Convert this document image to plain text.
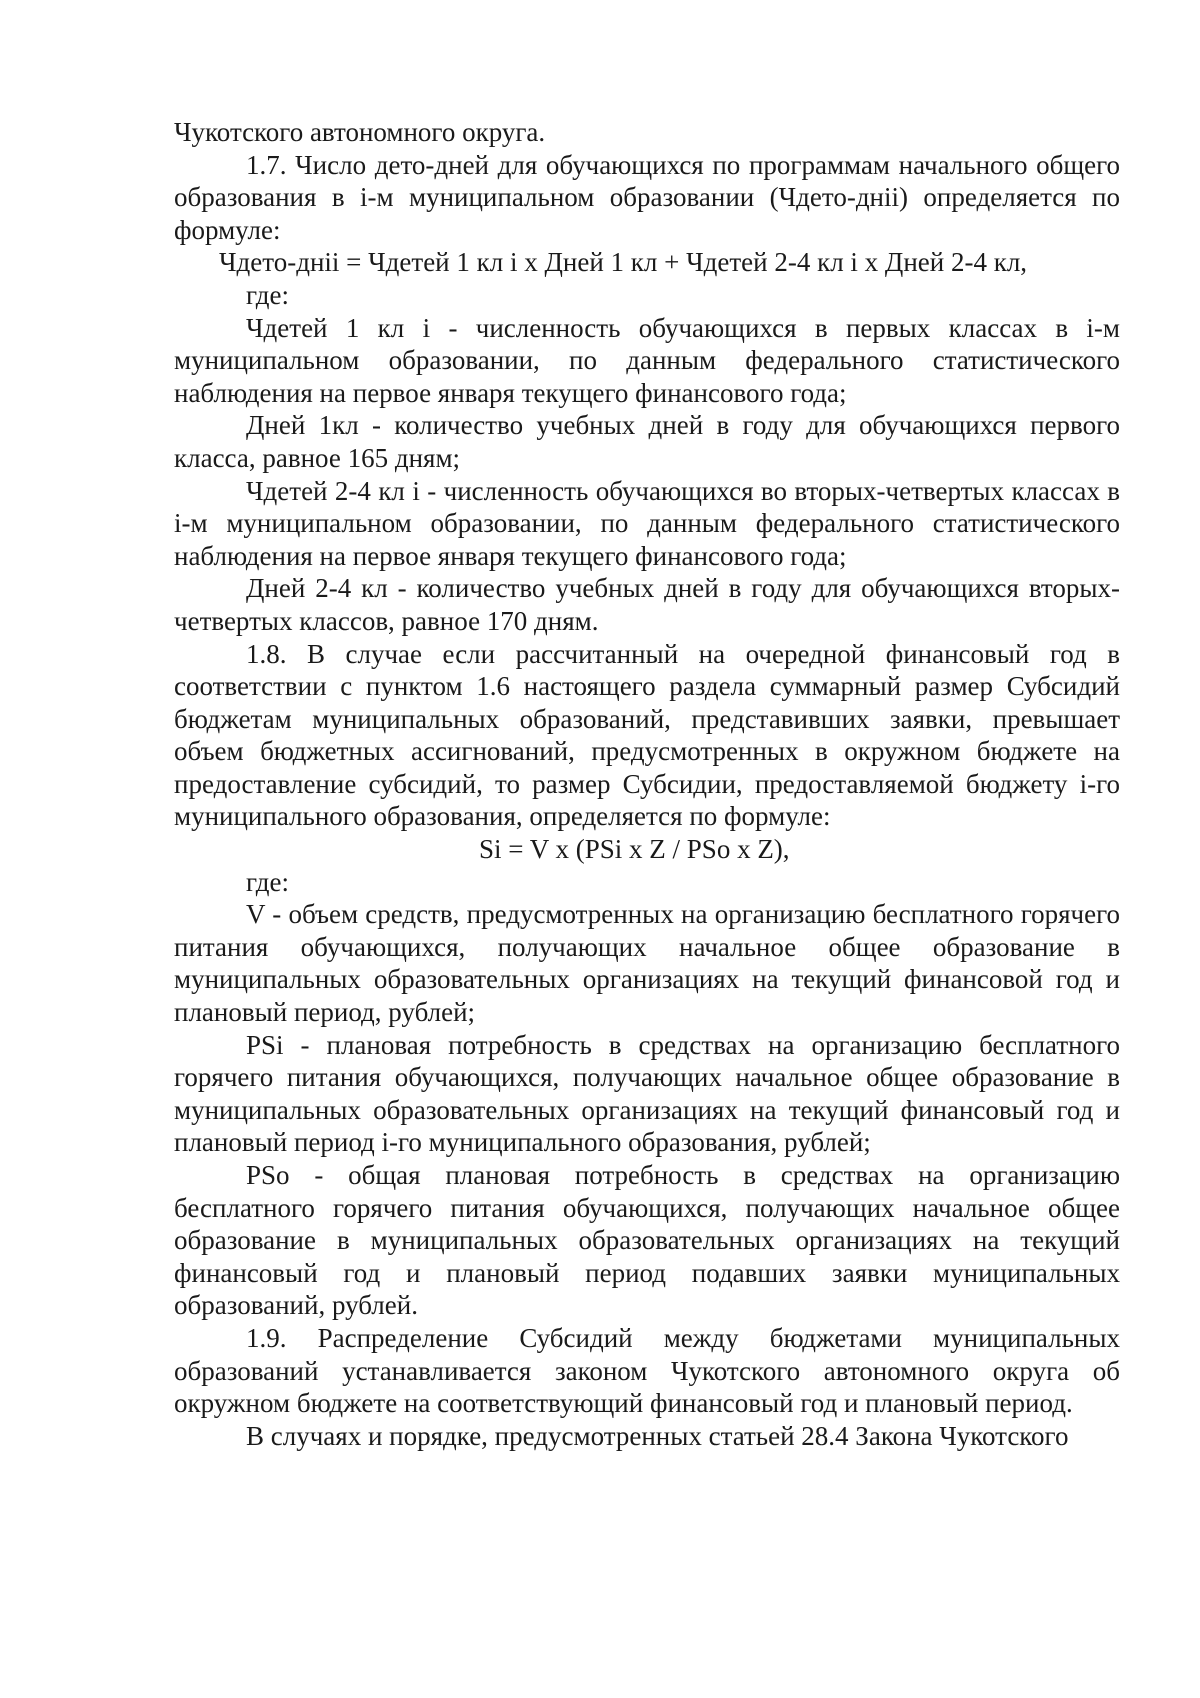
Чукотского автономного округа.

1.7. Число дето-дней для обучающихся по программам начального общего образования в i-м муниципальном образовании (Чдето-днiі) определяется по формуле:

Чдето-днiі = Чдетей 1 кл і х Дней 1 кл + Чдетей 2-4 кл і х Дней 2-4 кл,

где:

Чдетей 1 кл і - численность обучающихся в первых классах в і-м муниципальном образовании, по данным федерального статистического наблюдения на первое января текущего финансового года;

Дней 1кл - количество учебных дней в году для обучающихся первого класса, равное 165 дням;

Чдетей 2-4 кл і - численность обучающихся во вторых-четвертых классах в і-м муниципальном образовании, по данным федерального статистического наблюдения на первое января текущего финансового года;

Дней 2-4 кл - количество учебных дней в году для обучающихся вторых-четвертых классов, равное 170 дням.

1.8. В случае если рассчитанный на очередной финансовый год в соответствии с пунктом 1.6 настоящего раздела суммарный размер Субсидий бюджетам муниципальных образований, представивших заявки, превышает объем бюджетных ассигнований, предусмотренных в окружном бюджете на предоставление субсидий, то размер Субсидии, предоставляемой бюджету i-го муниципального образования, определяется по формуле:

Si = V х (PSi х Z / PSo х Z),

где:

V - объем средств, предусмотренных на организацию бесплатного горячего питания обучающихся, получающих начальное общее образование в муниципальных образовательных организациях на текущий финансовой год и плановый период, рублей;

PSi - плановая потребность в средствах на организацию бесплатного горячего питания обучающихся, получающих начальное общее образование в муниципальных образовательных организациях на текущий финансовый год и плановый период i-го муниципального образования, рублей;

PSo - общая плановая потребность в средствах на организацию бесплатного горячего питания обучающихся, получающих начальное общее образование в муниципальных образовательных организациях на текущий финансовый год и плановый период подавших заявки муниципальных образований, рублей.

1.9. Распределение Субсидий между бюджетами муниципальных образований устанавливается законом Чукотского автономного округа об окружном бюджете на соответствующий финансовый год и плановый период.

В случаях и порядке, предусмотренных статьей 28.4 Закона Чукотского
